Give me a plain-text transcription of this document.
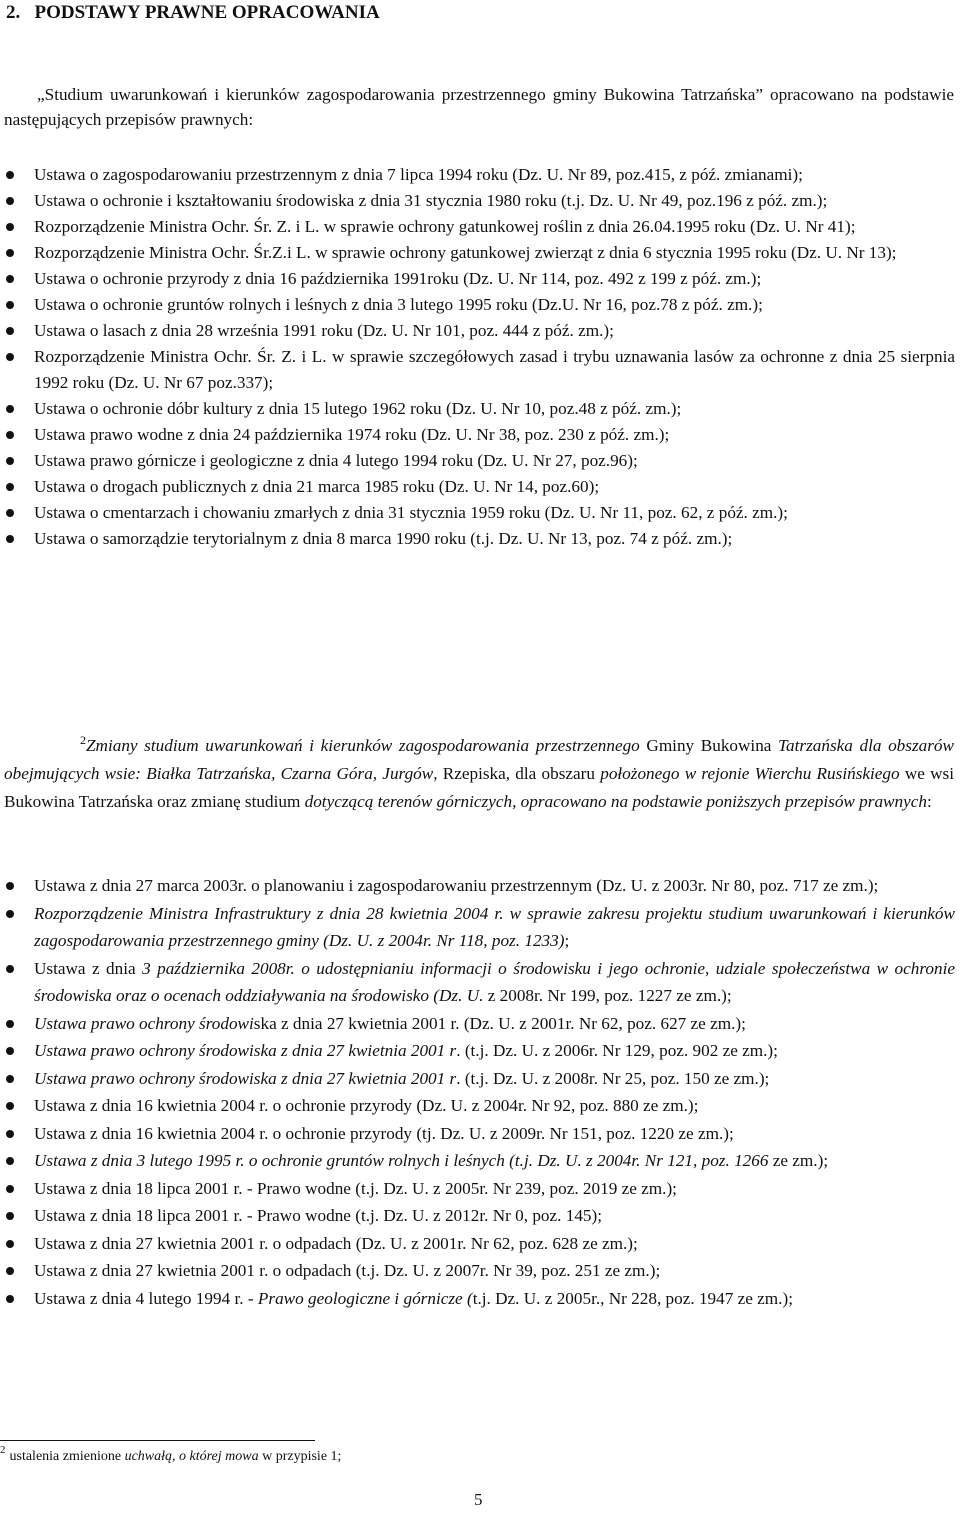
2.   PODSTAWY PRAWNE OPRACOWANIA

„Studium uwarunkowań i kierunków zagospodarowania przestrzennego gminy Bukowina Tatrzańska” opracowano na podstawie następujących przepisów prawnych:

Ustawa o zagospodarowaniu przestrzennym z dnia 7 lipca 1994 roku (Dz. U. Nr 89, poz.415, z póź. zmianami);
Ustawa o ochronie i kształtowaniu środowiska z dnia 31 stycznia 1980 roku (t.j. Dz. U. Nr 49, poz.196 z póź. zm.);
Rozporządzenie Ministra Ochr. Śr. Z. i L. w sprawie ochrony gatunkowej roślin z dnia 26.04.1995 roku (Dz. U. Nr 41);
Rozporządzenie Ministra Ochr. Śr.Z.i L. w sprawie ochrony gatunkowej zwierząt z dnia 6 stycznia 1995 roku (Dz. U. Nr 13);
Ustawa o ochronie przyrody z dnia 16 października 1991roku (Dz. U. Nr 114, poz. 492 z 199 z póź. zm.);
Ustawa o ochronie gruntów rolnych i leśnych z dnia 3 lutego 1995 roku (Dz.U. Nr 16, poz.78 z póź. zm.);
Ustawa o lasach z dnia 28 września 1991 roku (Dz. U. Nr 101, poz. 444 z póź. zm.);
Rozporządzenie Ministra Ochr. Śr. Z. i L. w sprawie szczegółowych zasad i trybu uznawania lasów za ochronne z dnia 25 sierpnia 1992 roku (Dz. U. Nr 67 poz.337);
Ustawa o ochronie dóbr kultury z dnia 15 lutego 1962 roku (Dz. U. Nr 10, poz.48 z póź. zm.);
Ustawa prawo wodne z dnia 24 października 1974 roku (Dz. U. Nr 38, poz. 230 z póź. zm.);
Ustawa prawo górnicze i geologiczne z dnia 4 lutego 1994 roku (Dz. U. Nr 27, poz.96);
Ustawa o drogach publicznych z dnia 21 marca 1985 roku (Dz. U. Nr 14, poz.60);
Ustawa o cmentarzach i chowaniu zmarłych z dnia 31 stycznia 1959 roku (Dz. U. Nr 11, poz. 62, z póź. zm.);
Ustawa o samorządzie terytorialnym z dnia 8 marca 1990 roku (t.j. Dz. U. Nr 13, poz. 74 z póź. zm.);

$^2$Zmiany studium uwarunkowań i kierunków zagospodarowania przestrzennego Gminy Bukowina Tatrzańska dla obszarów obejmujących wsie: Białka Tatrzańska, Czarna Góra, Jurgów, Rzepiska, dla obszaru położonego w rejonie Wierchu Rusińskiego we wsi Bukowina Tatrzańska oraz zmianę studium dotyczącą terenów górniczych, opracowano na podstawie poniższych przepisów prawnych:

Ustawa z dnia 27 marca 2003r. o planowaniu i zagospodarowaniu przestrzennym (Dz. U. z 2003r. Nr 80, poz. 717 ze zm.);
Rozporządzenie Ministra Infrastruktury z dnia 28 kwietnia 2004 r. w sprawie zakresu projektu studium uwarunkowań i kierunków zagospodarowania przestrzennego gminy (Dz. U. z 2004r. Nr 118, poz. 1233);
Ustawa z dnia 3 października 2008r. o udostępnianiu informacji o środowisku i jego ochronie, udziale społeczeństwa w ochronie środowiska oraz o ocenach oddziaływania na środowisko (Dz. U. z 2008r. Nr 199, poz. 1227 ze zm.);
Ustawa prawo ochrony środowiska z dnia 27 kwietnia 2001 r. (Dz. U. z 2001r. Nr 62, poz. 627 ze zm.);
Ustawa prawo ochrony środowiska z dnia 27 kwietnia 2001 r. (t.j. Dz. U. z 2006r. Nr 129, poz. 902 ze zm.);
Ustawa prawo ochrony środowiska z dnia 27 kwietnia 2001 r. (t.j. Dz. U. z 2008r. Nr 25, poz. 150 ze zm.);
Ustawa z dnia 16 kwietnia 2004 r. o ochronie przyrody (Dz. U. z 2004r. Nr 92, poz. 880 ze zm.);
Ustawa z dnia 16 kwietnia 2004 r. o ochronie przyrody (tj. Dz. U. z 2009r. Nr 151, poz. 1220 ze zm.);
Ustawa z dnia 3 lutego 1995 r. o ochronie gruntów rolnych i leśnych (t.j. Dz. U. z 2004r. Nr 121, poz. 1266 ze zm.);
Ustawa z dnia 18 lipca 2001 r. - Prawo wodne (t.j. Dz. U. z 2005r. Nr 239, poz. 2019 ze zm.);
Ustawa z dnia 18 lipca 2001 r. - Prawo wodne (t.j. Dz. U. z 2012r. Nr 0, poz. 145);
Ustawa z dnia 27 kwietnia 2001 r. o odpadach (Dz. U. z 2001r. Nr 62, poz. 628 ze zm.);
Ustawa z dnia 27 kwietnia 2001 r. o odpadach (t.j. Dz. U. z 2007r. Nr 39, poz. 251 ze zm.);
Ustawa z dnia 4 lutego 1994 r. - Prawo geologiczne i górnicze (t.j. Dz. U. z 2005r., Nr 228, poz. 1947 ze zm.);
$^2$ ustalenia zmienione uchwałą, o której mowa w przypisie 1;
5
